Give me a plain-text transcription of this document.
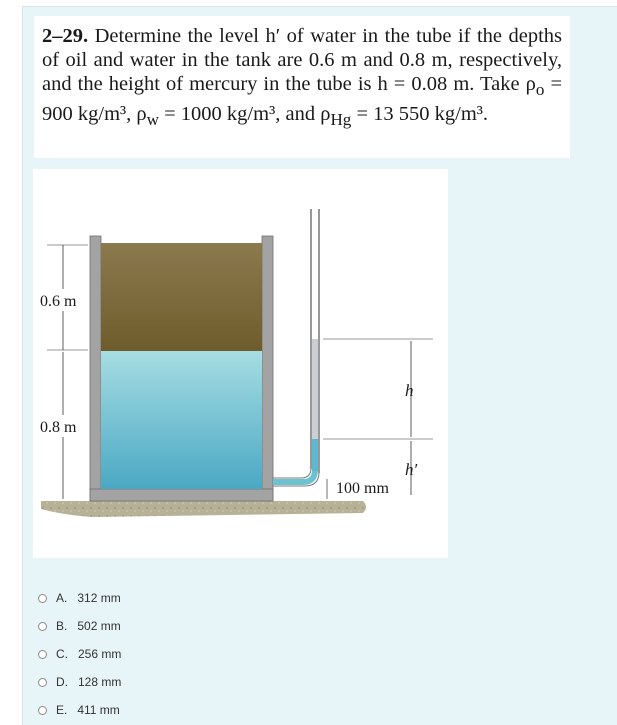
2–29. Determine the level h′ of water in the tube if the depths of oil and water in the tank are 0.6 m and 0.8 m, respectively, and the height of mercury in the tube is h = 0.08 m. Take $\rho_o = 900$ kg/m³, $\rho_w = 1000$ kg/m³, and $\rho_{Hg} = 13$ 550 kg/m³.
0.6 m
0.8 m
h
h′
100 mm
A. 312 mm
B. 502 mm
C. 256 mm
D. 128 mm
E. 411 mm
